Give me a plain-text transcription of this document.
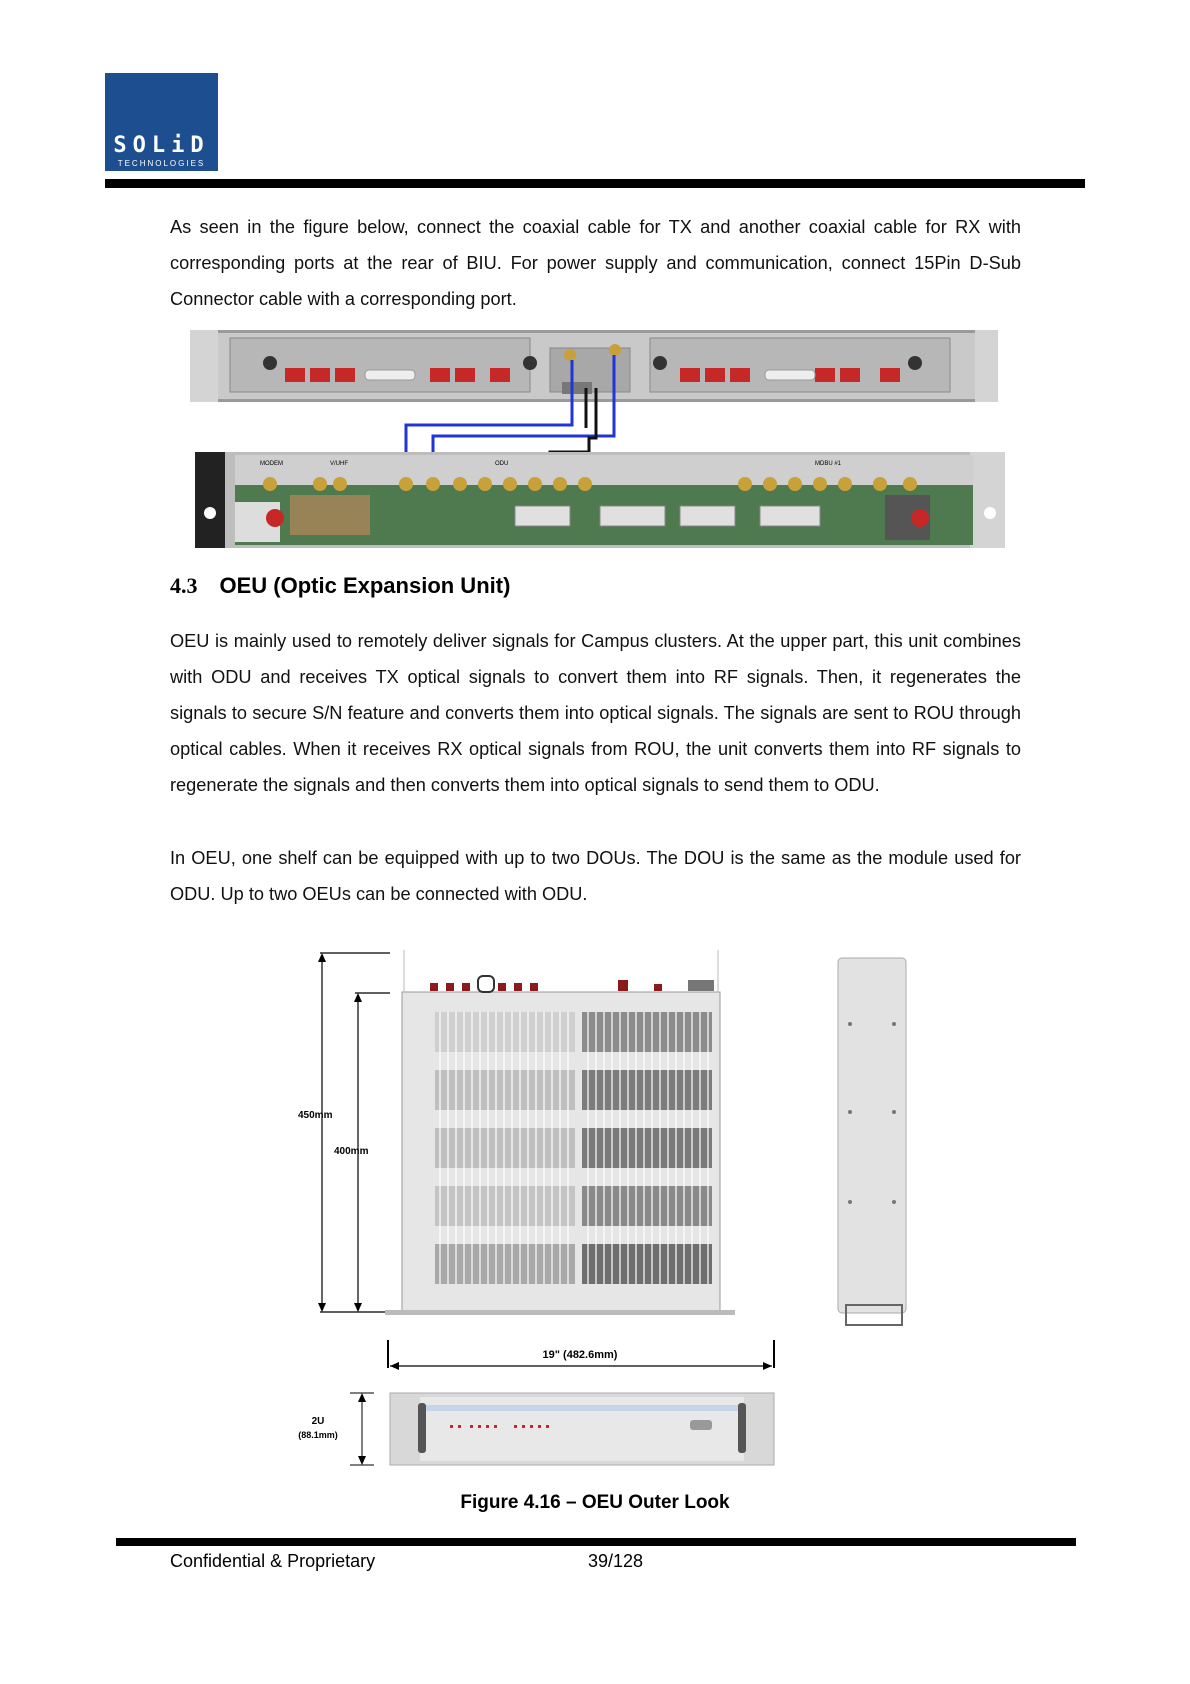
SOLiD
TECHNOLOGIES

As seen in the figure below, connect the coaxial cable for TX and another coaxial cable for RX with corresponding ports at the rear of BIU. For power supply and communication, connect 15Pin D-Sub Connector cable with a corresponding port.

MODEM	V/UHF	ODU	MDBU #1
4.3 OEU (Optic Expansion Unit)

OEU is mainly used to remotely deliver signals for Campus clusters. At the upper part, this unit combines with ODU and receives TX optical signals to convert them into RF signals. Then, it regenerates the signals to secure S/N feature and converts them into optical signals. The signals are sent to ROU through optical cables. When it receives RX optical signals from ROU, the unit converts them into RF signals to regenerate the signals and then converts them into optical signals to send them to ODU.

In OEU, one shelf can be equipped with up to two DOUs. The DOU is the same as the module used for ODU. Up to two OEUs can be connected with ODU.

450mm
400mm
19" (482.6mm)
2U
(88.1mm)
Figure 4.16 – OEU Outer Look
Confidential & Proprietary	39/128
